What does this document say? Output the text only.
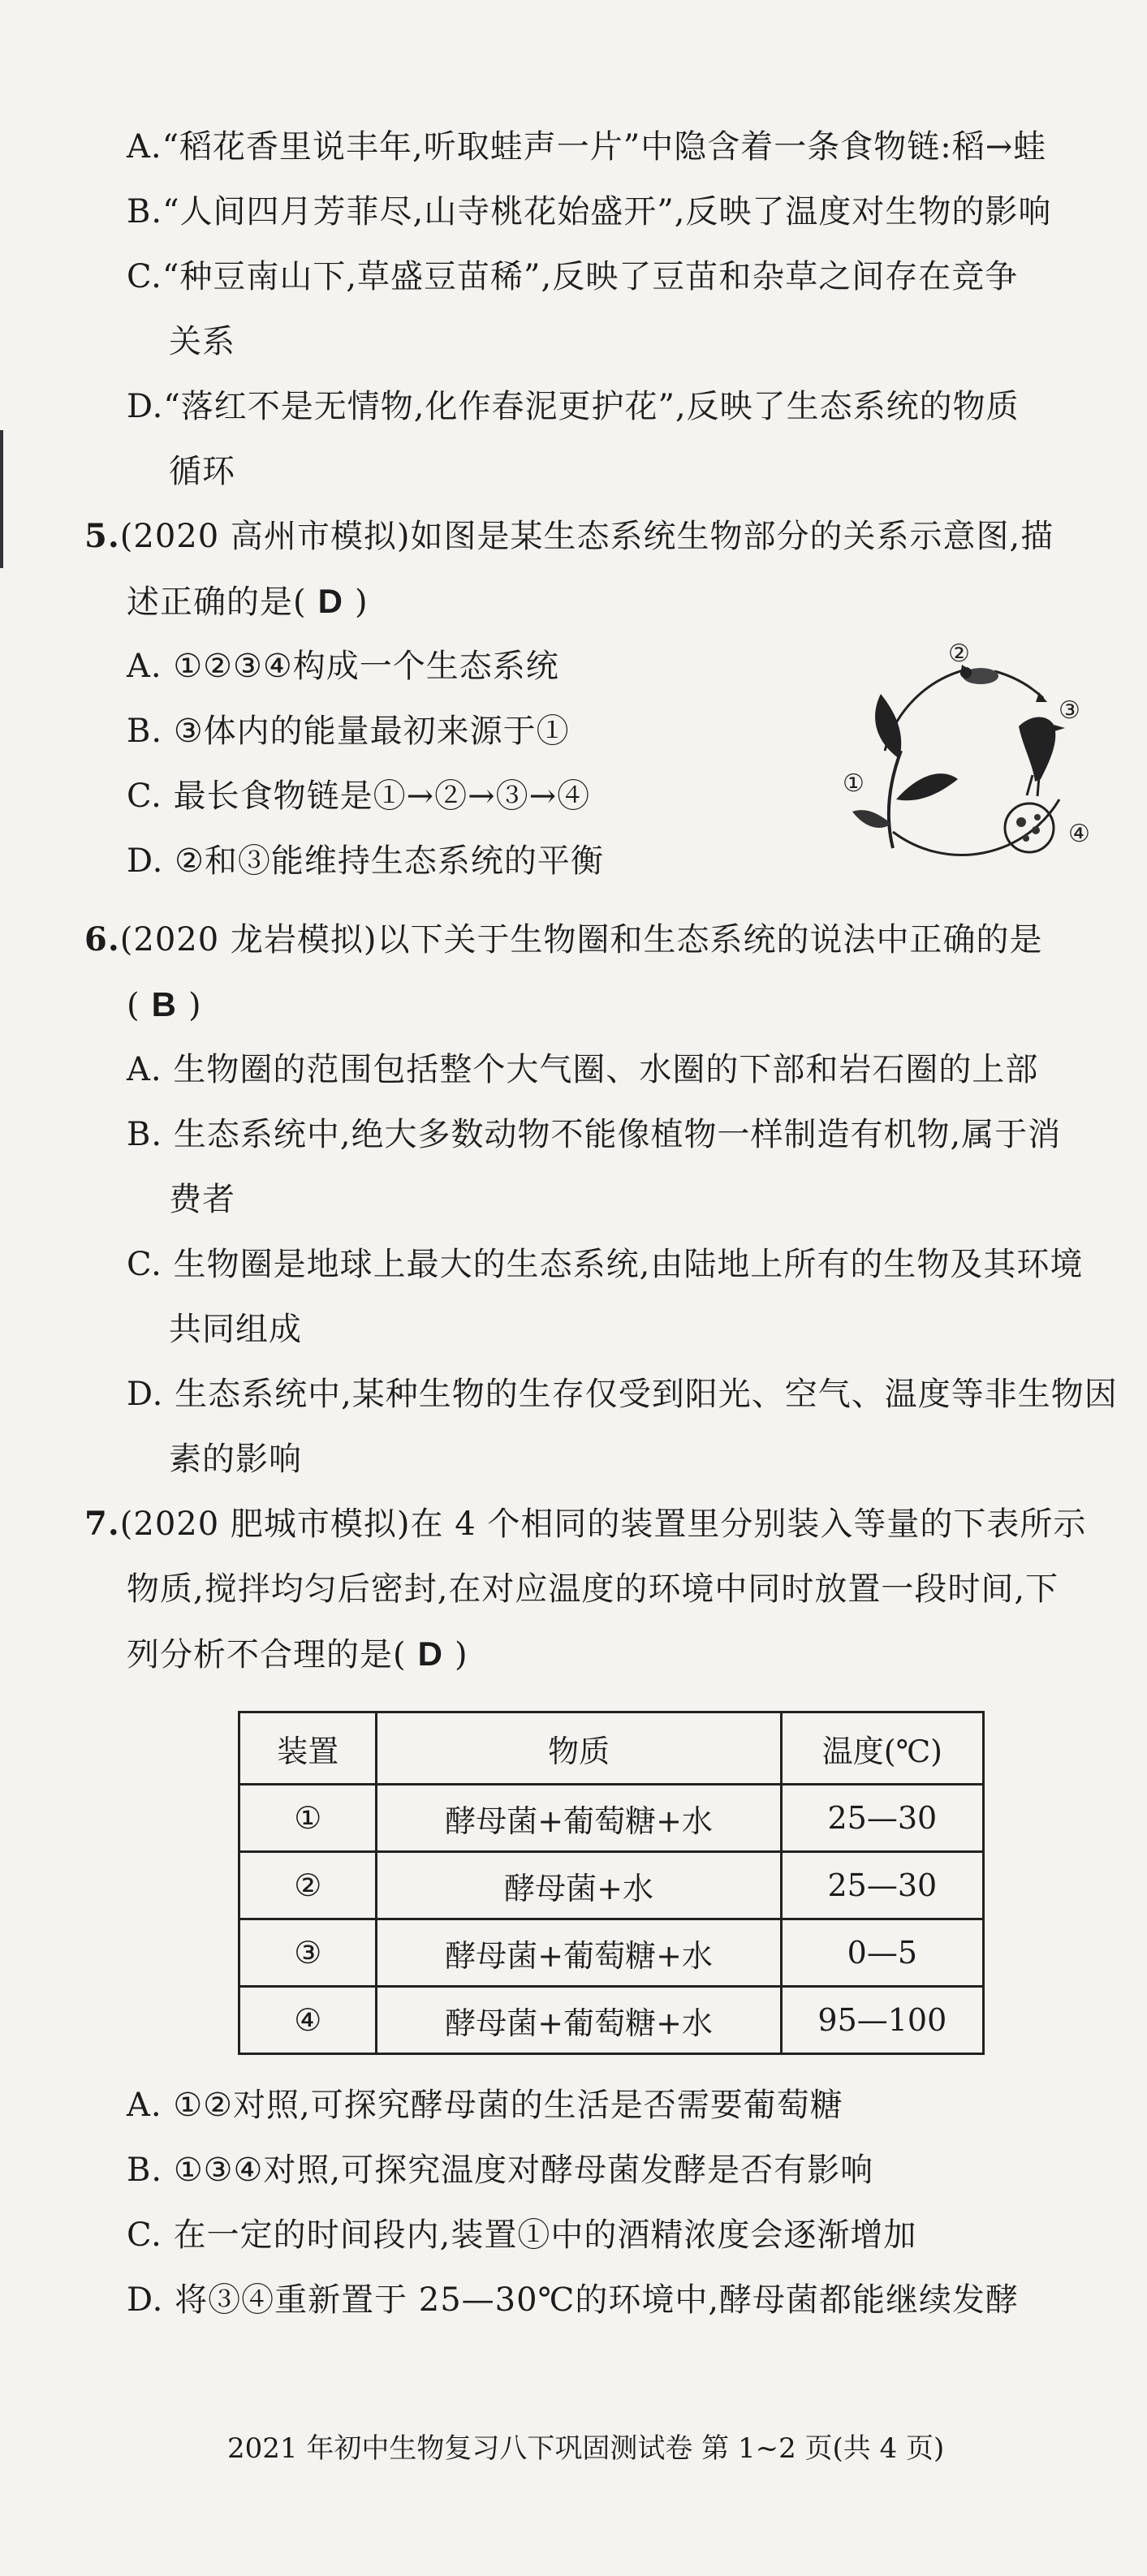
A.“稻花香里说丰年,听取蛙声一片”中隐含着一条食物链:稻→蛙
B.“人间四月芳菲尽,山寺桃花始盛开”,反映了温度对生物的影响
C.“种豆南山下,草盛豆苗稀”,反映了豆苗和杂草之间存在竞争
关系
D.“落红不是无情物,化作春泥更护花”,反映了生态系统的物质
循环
5.(2020 高州市模拟)如图是某生态系统生物部分的关系示意图,描
述正确的是( D )
A. ①②③④构成一个生态系统
B. ③体内的能量最初来源于①
C. 最长食物链是①→②→③→④
D. ②和③能维持生态系统的平衡
①
②
③
④
6.(2020 龙岩模拟)以下关于生物圈和生态系统的说法中正确的是
( B )
A. 生物圈的范围包括整个大气圈、水圈的下部和岩石圈的上部
B. 生态系统中,绝大多数动物不能像植物一样制造有机物,属于消
费者
C. 生物圈是地球上最大的生态系统,由陆地上所有的生物及其环境
共同组成
D. 生态系统中,某种生物的生存仅受到阳光、空气、温度等非生物因
素的影响
7.(2020 肥城市模拟)在 4 个相同的装置里分别装入等量的下表所示
物质,搅拌均匀后密封,在对应温度的环境中同时放置一段时间,下
列分析不合理的是( D )
装置	物质	温度(℃)
①	酵母菌+葡萄糖+水	25—30
②	酵母菌+水	25—30
③	酵母菌+葡萄糖+水	0—5
④	酵母菌+葡萄糖+水	95—100
A. ①②对照,可探究酵母菌的生活是否需要葡萄糖
B. ①③④对照,可探究温度对酵母菌发酵是否有影响
C. 在一定的时间段内,装置①中的酒精浓度会逐渐增加
D. 将③④重新置于 25—30℃的环境中,酵母菌都能继续发酵
2021 年初中生物复习八下巩固测试卷 第 1~2 页(共 4 页)
